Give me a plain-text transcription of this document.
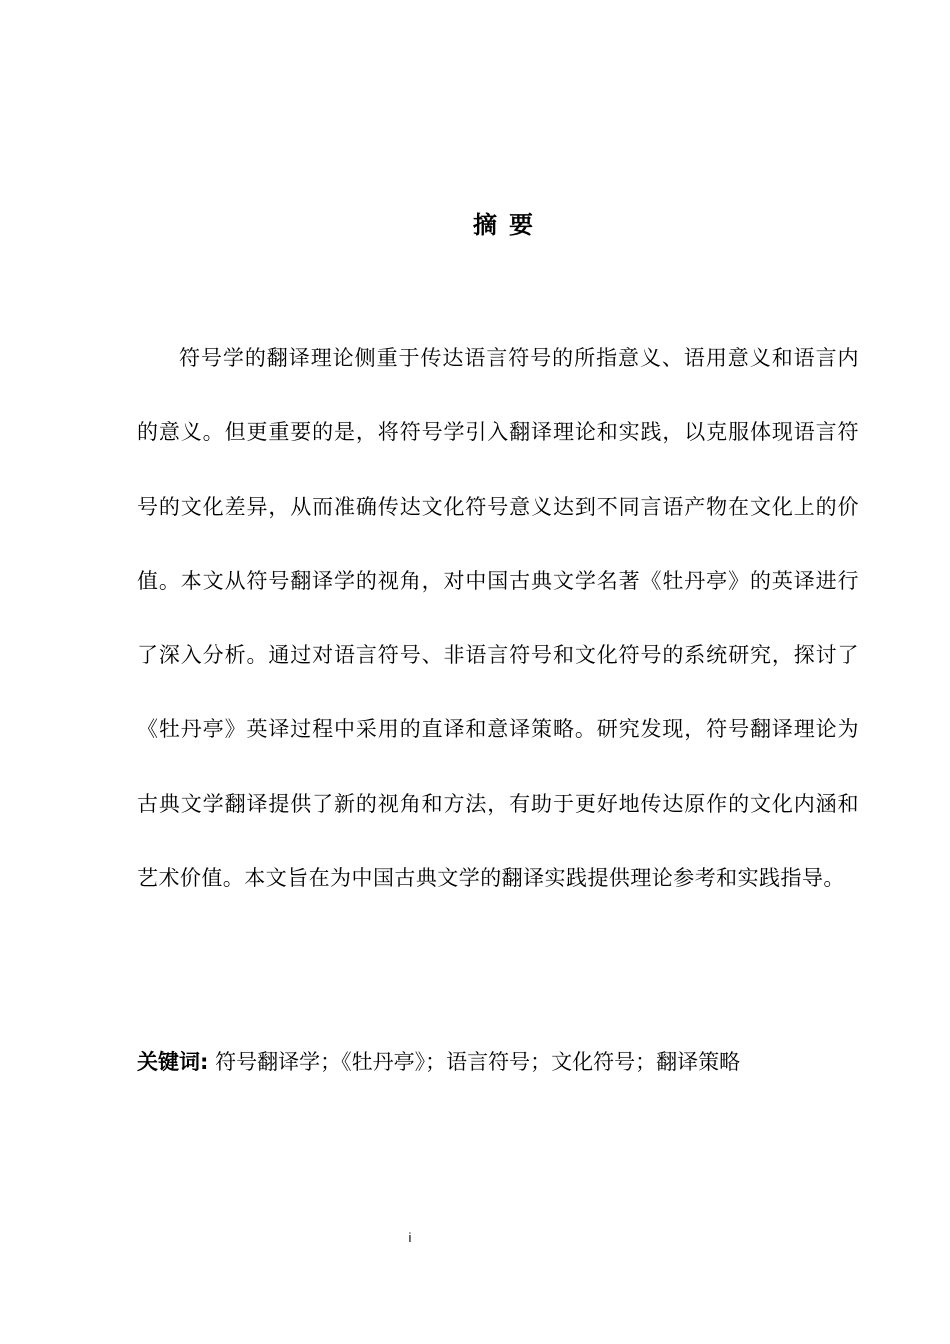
摘要

符号学的翻译理论侧重于传达语言符号的所指意义、语用意义和语言内的意义。但更重要的是，将符号学引入翻译理论和实践，以克服体现语言符号的文化差异，从而准确传达文化符号意义达到不同言语产物在文化上的价值。本文从符号翻译学的视角，对中国古典文学名著《牡丹亭》的英译进行了深入分析。通过对语言符号、非语言符号和文化符号的系统研究，探讨了《牡丹亭》英译过程中采用的直译和意译策略。研究发现，符号翻译理论为古典文学翻译提供了新的视角和方法，有助于更好地传达原作的文化内涵和艺术价值。本文旨在为中国古典文学的翻译实践提供理论参考和实践指导。

关键词: 符号翻译学；《牡丹亭》；语言符号；文化符号；翻译策略
i
